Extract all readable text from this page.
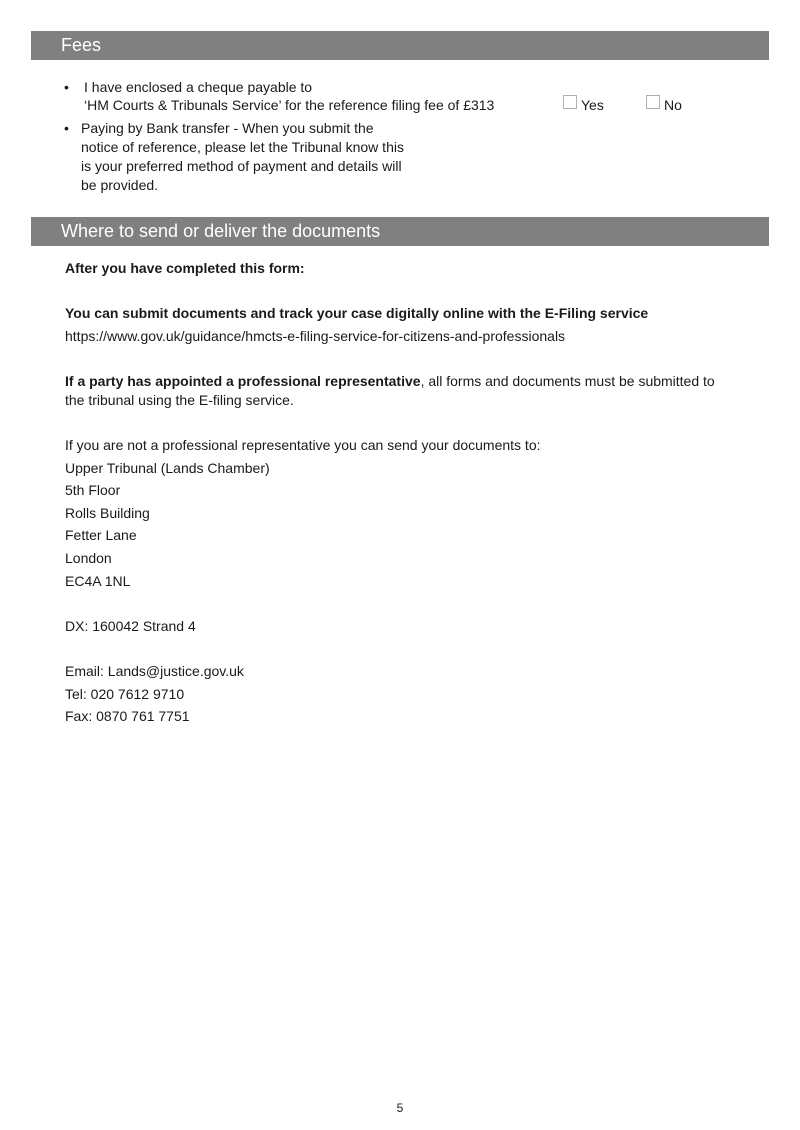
Fees
• I have enclosed a cheque payable to
‘HM Courts & Tribunals Service’ for the reference filing fee of £313	Yes	No
• Paying by Bank transfer - When you submit the
notice of reference, please let the Tribunal know this
is your preferred method of payment and details will
be provided.
Where to send or deliver the documents
After you have completed this form:
You can submit documents and track your case digitally online with the E-Filing service
https://www.gov.uk/guidance/hmcts-e-filing-service-for-citizens-and-professionals
If a party has appointed a professional representative, all forms and documents must be submitted to
the tribunal using the E-filing service.
If you are not a professional representative you can send your documents to:
Upper Tribunal (Lands Chamber)
5th Floor
Rolls Building
Fetter Lane
London
EC4A 1NL
DX: 160042 Strand 4
Email: Lands@justice.gov.uk
Tel: 020 7612 9710
Fax: 0870 761 7751
5
